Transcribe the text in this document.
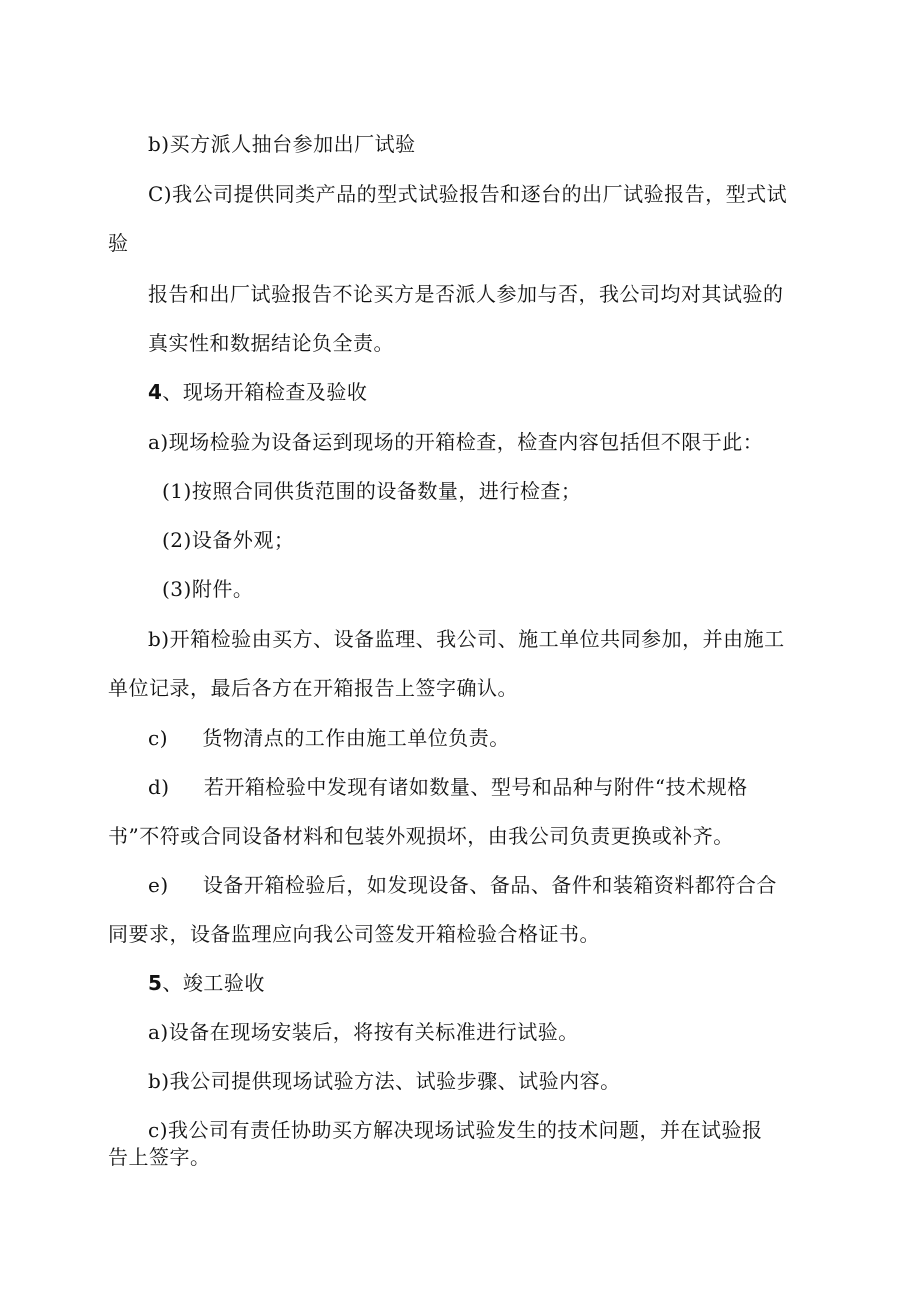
b)买方派人抽台参加出厂试验
C)我公司提供同类产品的型式试验报告和逐台的出厂试验报告，型式试
验
报告和出厂试验报告不论买方是否派人参加与否，我公司均对其试验的
真实性和数据结论负全责。
4、现场开箱检查及验收
a)现场检验为设备运到现场的开箱检查，检查内容包括但不限于此：
(1)按照合同供货范围的设备数量，进行检查；
(2)设备外观；
(3)附件。
b)开箱检验由买方、设备监理、我公司、施工单位共同参加，并由施工
单位记录，最后各方在开箱报告上签字确认。
c)     货物清点的工作由施工单位负责。
d)     若开箱检验中发现有诸如数量、型号和品种与附件“技术规格
书”不符或合同设备材料和包装外观损坏，由我公司负责更换或补齐。
e)     设备开箱检验后，如发现设备、备品、备件和装箱资料都符合合
同要求，设备监理应向我公司签发开箱检验合格证书。
5、竣工验收
a)设备在现场安装后，将按有关标准进行试验。
b)我公司提供现场试验方法、试验步骤、试验内容。
c)我公司有责任协助买方解决现场试验发生的技术问题，并在试验报
告上签字。
